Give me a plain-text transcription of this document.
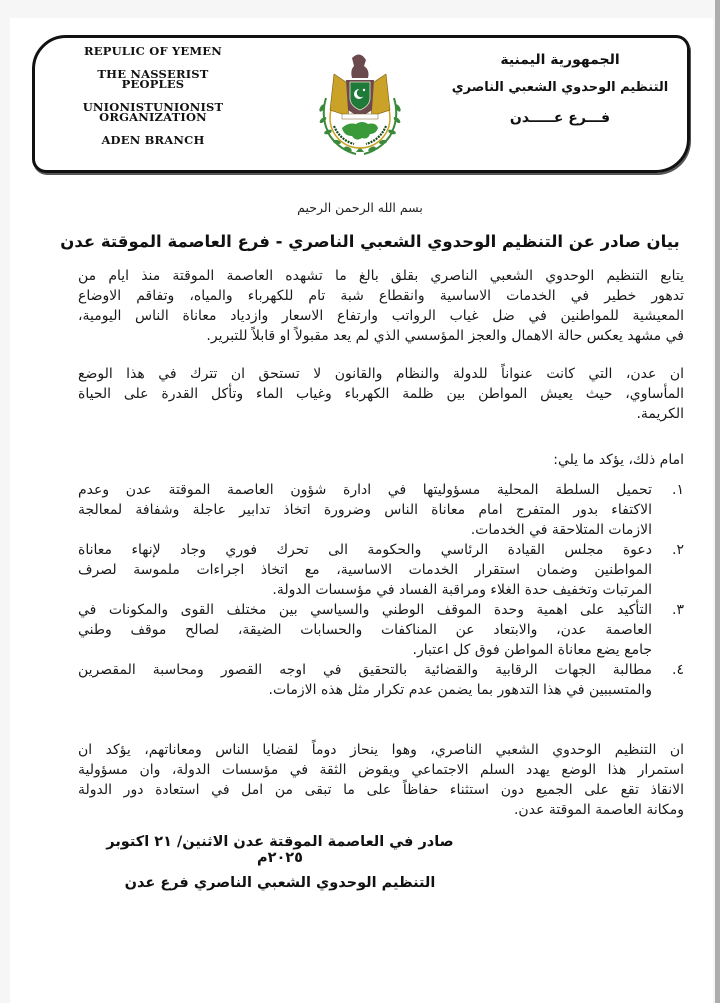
REPULIC OF YEMEN
THE NASSERIST
PEOPLES
UNIONISTUNIONIST
ORGANIZATION
ADEN BRANCH
الجمهورية اليمنية
التنظيم الوحدوي الشعبي الناصري
فـــرع عـــــدن
بسم الله الرحمن الرحيم
بيان صادر عن التنظيم الوحدوي الشعبي الناصري - فرع العاصمة الموقتة عدن
يتابع التنظيم الوحدوي الشعبي الناصري بقلق بالغ ما تشهده العاصمة الموقتة منذ ايام من
تدهور خطير في الخدمات الاساسية وانقطاع شبة تام للكهرباء والمياه، وتفاقم الاوضاع
المعيشية للمواطنين في ضل غياب الرواتب وارتفاع الاسعار وازدياد معاناة الناس اليومية،
في مشهد يعكس حالة الاهمال والعجز المؤسسي الذي لم يعد مقبولاً او قابلاً للتبرير.
ان عدن، التي كانت عنواناً للدولة والنظام والقانون لا تستحق ان تترك في هذا الوضع
المأساوي، حيث يعيش المواطن بين ظلمة الكهرباء وغياب الماء وتأكل القدرة على الحياة
الكريمة.
امام ذلك، يؤكد ما يلي:
١.
تحميل السلطة المحلية مسؤوليتها في ادارة شؤون العاصمة الموقتة عدن وعدم
الاكتفاء بدور المتفرج امام معاناة الناس وضرورة اتخاذ تدابير عاجلة وشفافة لمعالجة
الازمات المتلاحقة في الخدمات.
٢.
دعوة مجلس القيادة الرئاسي والحكومة الى تحرك فوري وجاد لإنهاء معاناة
المواطنين وضمان استقرار الخدمات الاساسية، مع اتخاذ اجراءات ملموسة لصرف
المرتبات وتخفيف حدة الغلاء ومراقبة الفساد في مؤسسات الدولة.
٣.
التأكيد على اهمية وحدة الموقف الوطني والسياسي بين مختلف القوى والمكونات في
العاصمة عدن، والابتعاد عن المناكفات والحسابات الضيقة، لصالح موقف وطني
جامع يضع معاناة المواطن فوق كل اعتبار.
٤.
مطالبة الجهات الرقابية والقضائية بالتحقيق في اوجه القصور ومحاسبة المقصرين
والمتسببين في هذا التدهور بما يضمن عدم تكرار مثل هذه الازمات.
ان التنظيم الوحدوي الشعبي الناصري، وهوا ينحاز دوماً لقضايا الناس ومعاناتهم، يؤكد ان
استمرار هذا الوضع يهدد السلم الاجتماعي ويقوض الثقة في مؤسسات الدولة، وان مسؤولية
الانقاذ تقع على الجميع دون استثناء حفاظاً على ما تبقى من امل في استعادة دور الدولة
ومكانة العاصمة الموقتة عدن.
صادر في العاصمة الموقتة عدن الاثنين/ ٢١ اكتوبر ٢٠٢٥م
التنظيم الوحدوي الشعبي الناصري فرع عدن
